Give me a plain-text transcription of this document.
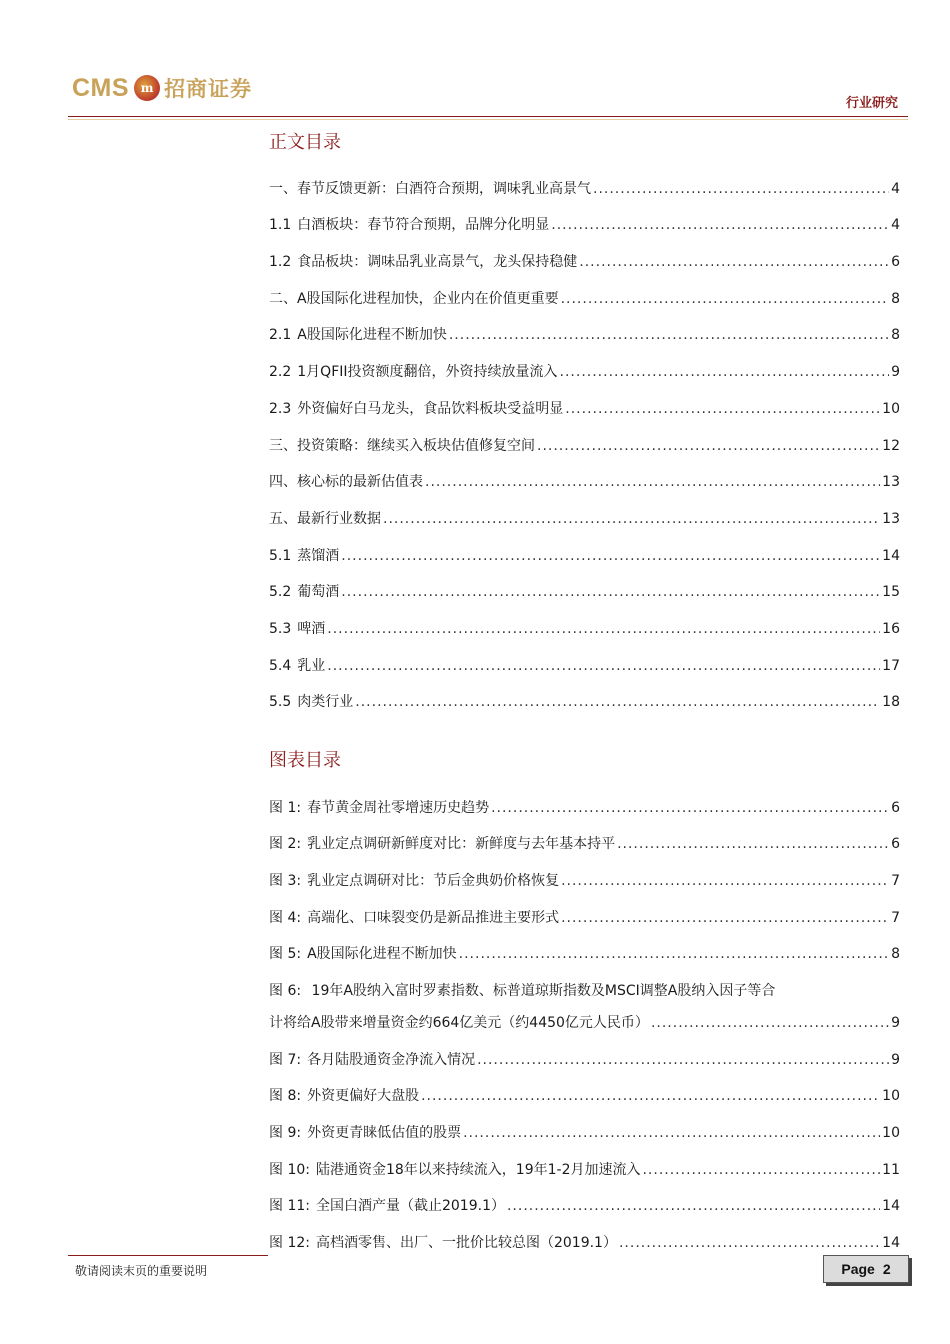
CMS m 招商证券
行业研究
正文目录
一、春节反馈更新：白酒符合预期，调味乳业高景气 .....	4
1.1 白酒板块：春节符合预期，品牌分化明显 .....	4
1.2 食品板块：调味品乳业高景气，龙头保持稳健 .....	6
二、A股国际化进程加快，企业内在价值更重要 .....	8
2.1 A股国际化进程不断加快 .....	8
2.2 1月QFII投资额度翻倍，外资持续放量流入 .....	9
2.3 外资偏好白马龙头，食品饮料板块受益明显 .....	10
三、投资策略：继续买入板块估值修复空间 .....	12
四、核心标的最新估值表 .....	13
五、最新行业数据 .....	13
5.1 蒸馏酒 .....	14
5.2 葡萄酒 .....	15
5.3 啤酒 .....	16
5.4 乳业 .....	17
5.5 肉类行业 .....	18
图表目录
图 1: 春节黄金周社零增速历史趋势 .....	6
图 2: 乳业定点调研新鲜度对比：新鲜度与去年基本持平 .....	6
图 3: 乳业定点调研对比：节后金典奶价格恢复 .....	7
图 4: 高端化、口味裂变仍是新品推进主要形式 .....	7
图 5: A股国际化进程不断加快 .....	8
图 6: 19年A股纳入富时罗素指数、标普道琼斯指数及MSCI调整A股纳入因子等合
计将给A股带来增量资金约664亿美元（约4450亿元人民币） .....	9
图 7: 各月陆股通资金净流入情况 .....	9
图 8: 外资更偏好大盘股 .....	10
图 9: 外资更青睐低估值的股票 .....	10
图 10: 陆港通资金18年以来持续流入，19年1-2月加速流入 .....	11
图 11: 全国白酒产量（截止2019.1） .....	14
图 12: 高档酒零售、出厂、一批价比较总图（2019.1） .....	14
敬请阅读末页的重要说明	Page 2
